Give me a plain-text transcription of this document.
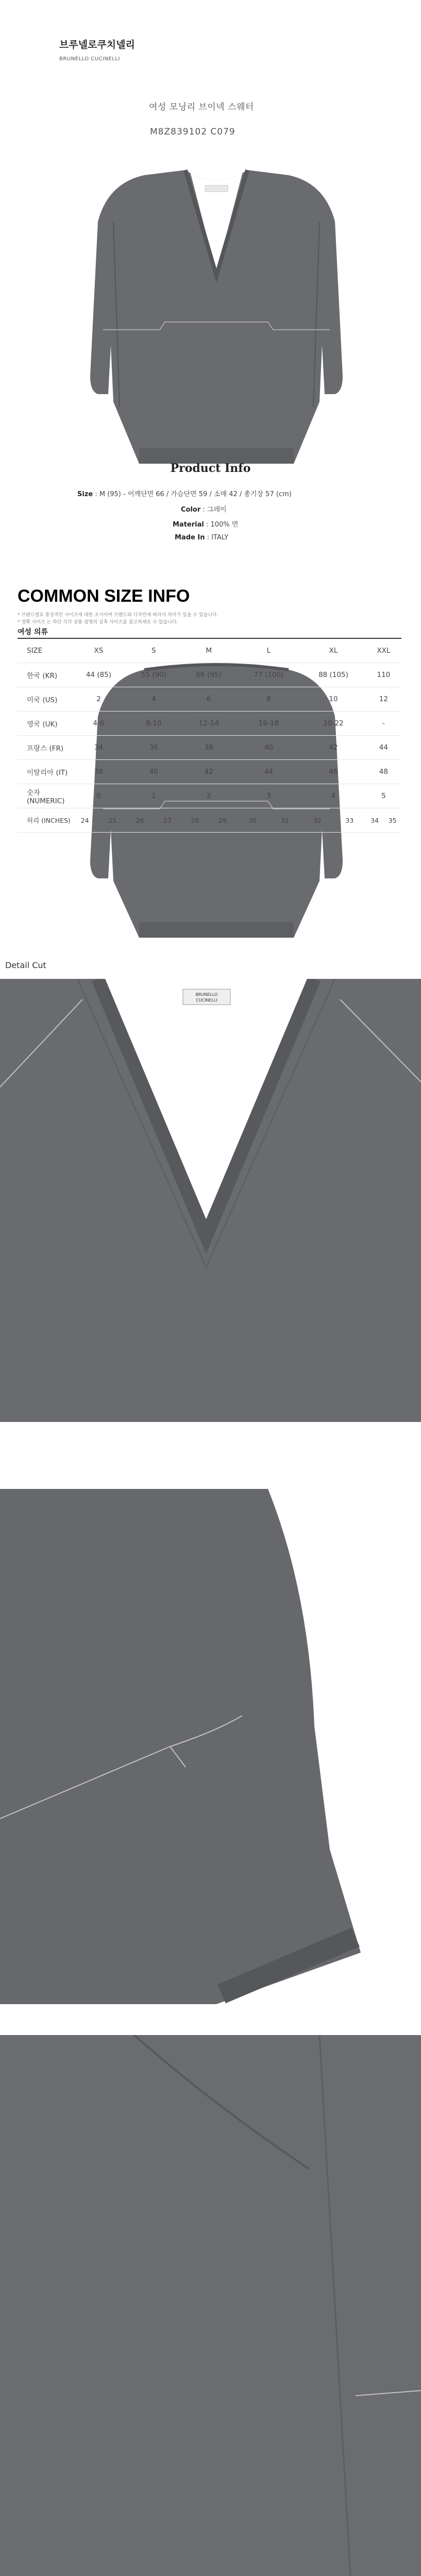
브루넬로쿠치넬리
BRUNELLO CUCINELLI
여성 모닝리 브이넥 스웨터
M8Z839102 C079
Product Info
Size : M (95) - 어깨단면 66 / 가슴단면 59 / 소매 42 / 총기장 57 (cm)
Color : 그레이
Material : 100% 면
Made In : ITALY
COMMON SIZE INFO
* 브랜드별로 통상적인 사이즈에 대한 조사이며 브랜드와 디자인에 따라서 차이가 있을 수 있습니다.
* 정확 사이즈 는 하단 각각 상품 설명의 실측 사이즈를 참고하세요 수 있습니다.
여성 의류
SIZE	XS		S		M		L		XL		XXL	
한국 (KR)	44 (85)		55 (90)		66 (95)		77 (100)		88 (105)		110	
미국 (US)	2		4		6		8		10		12	
영국 (UK)	4-6		8-10		12-14		16-18		20-22		-	
프랑스 (FR)	34		36		38		40		42		44	
이탈리아 (IT)	38		40		42		44		46		48	
숫자 (NUMERIC)	0		1		2		3		4		5	
허리 (INCHES)	24	25	26	27	28	29	30	31	32	33	34	35
Detail Cut
BRUNELLO
CUCINELLI
